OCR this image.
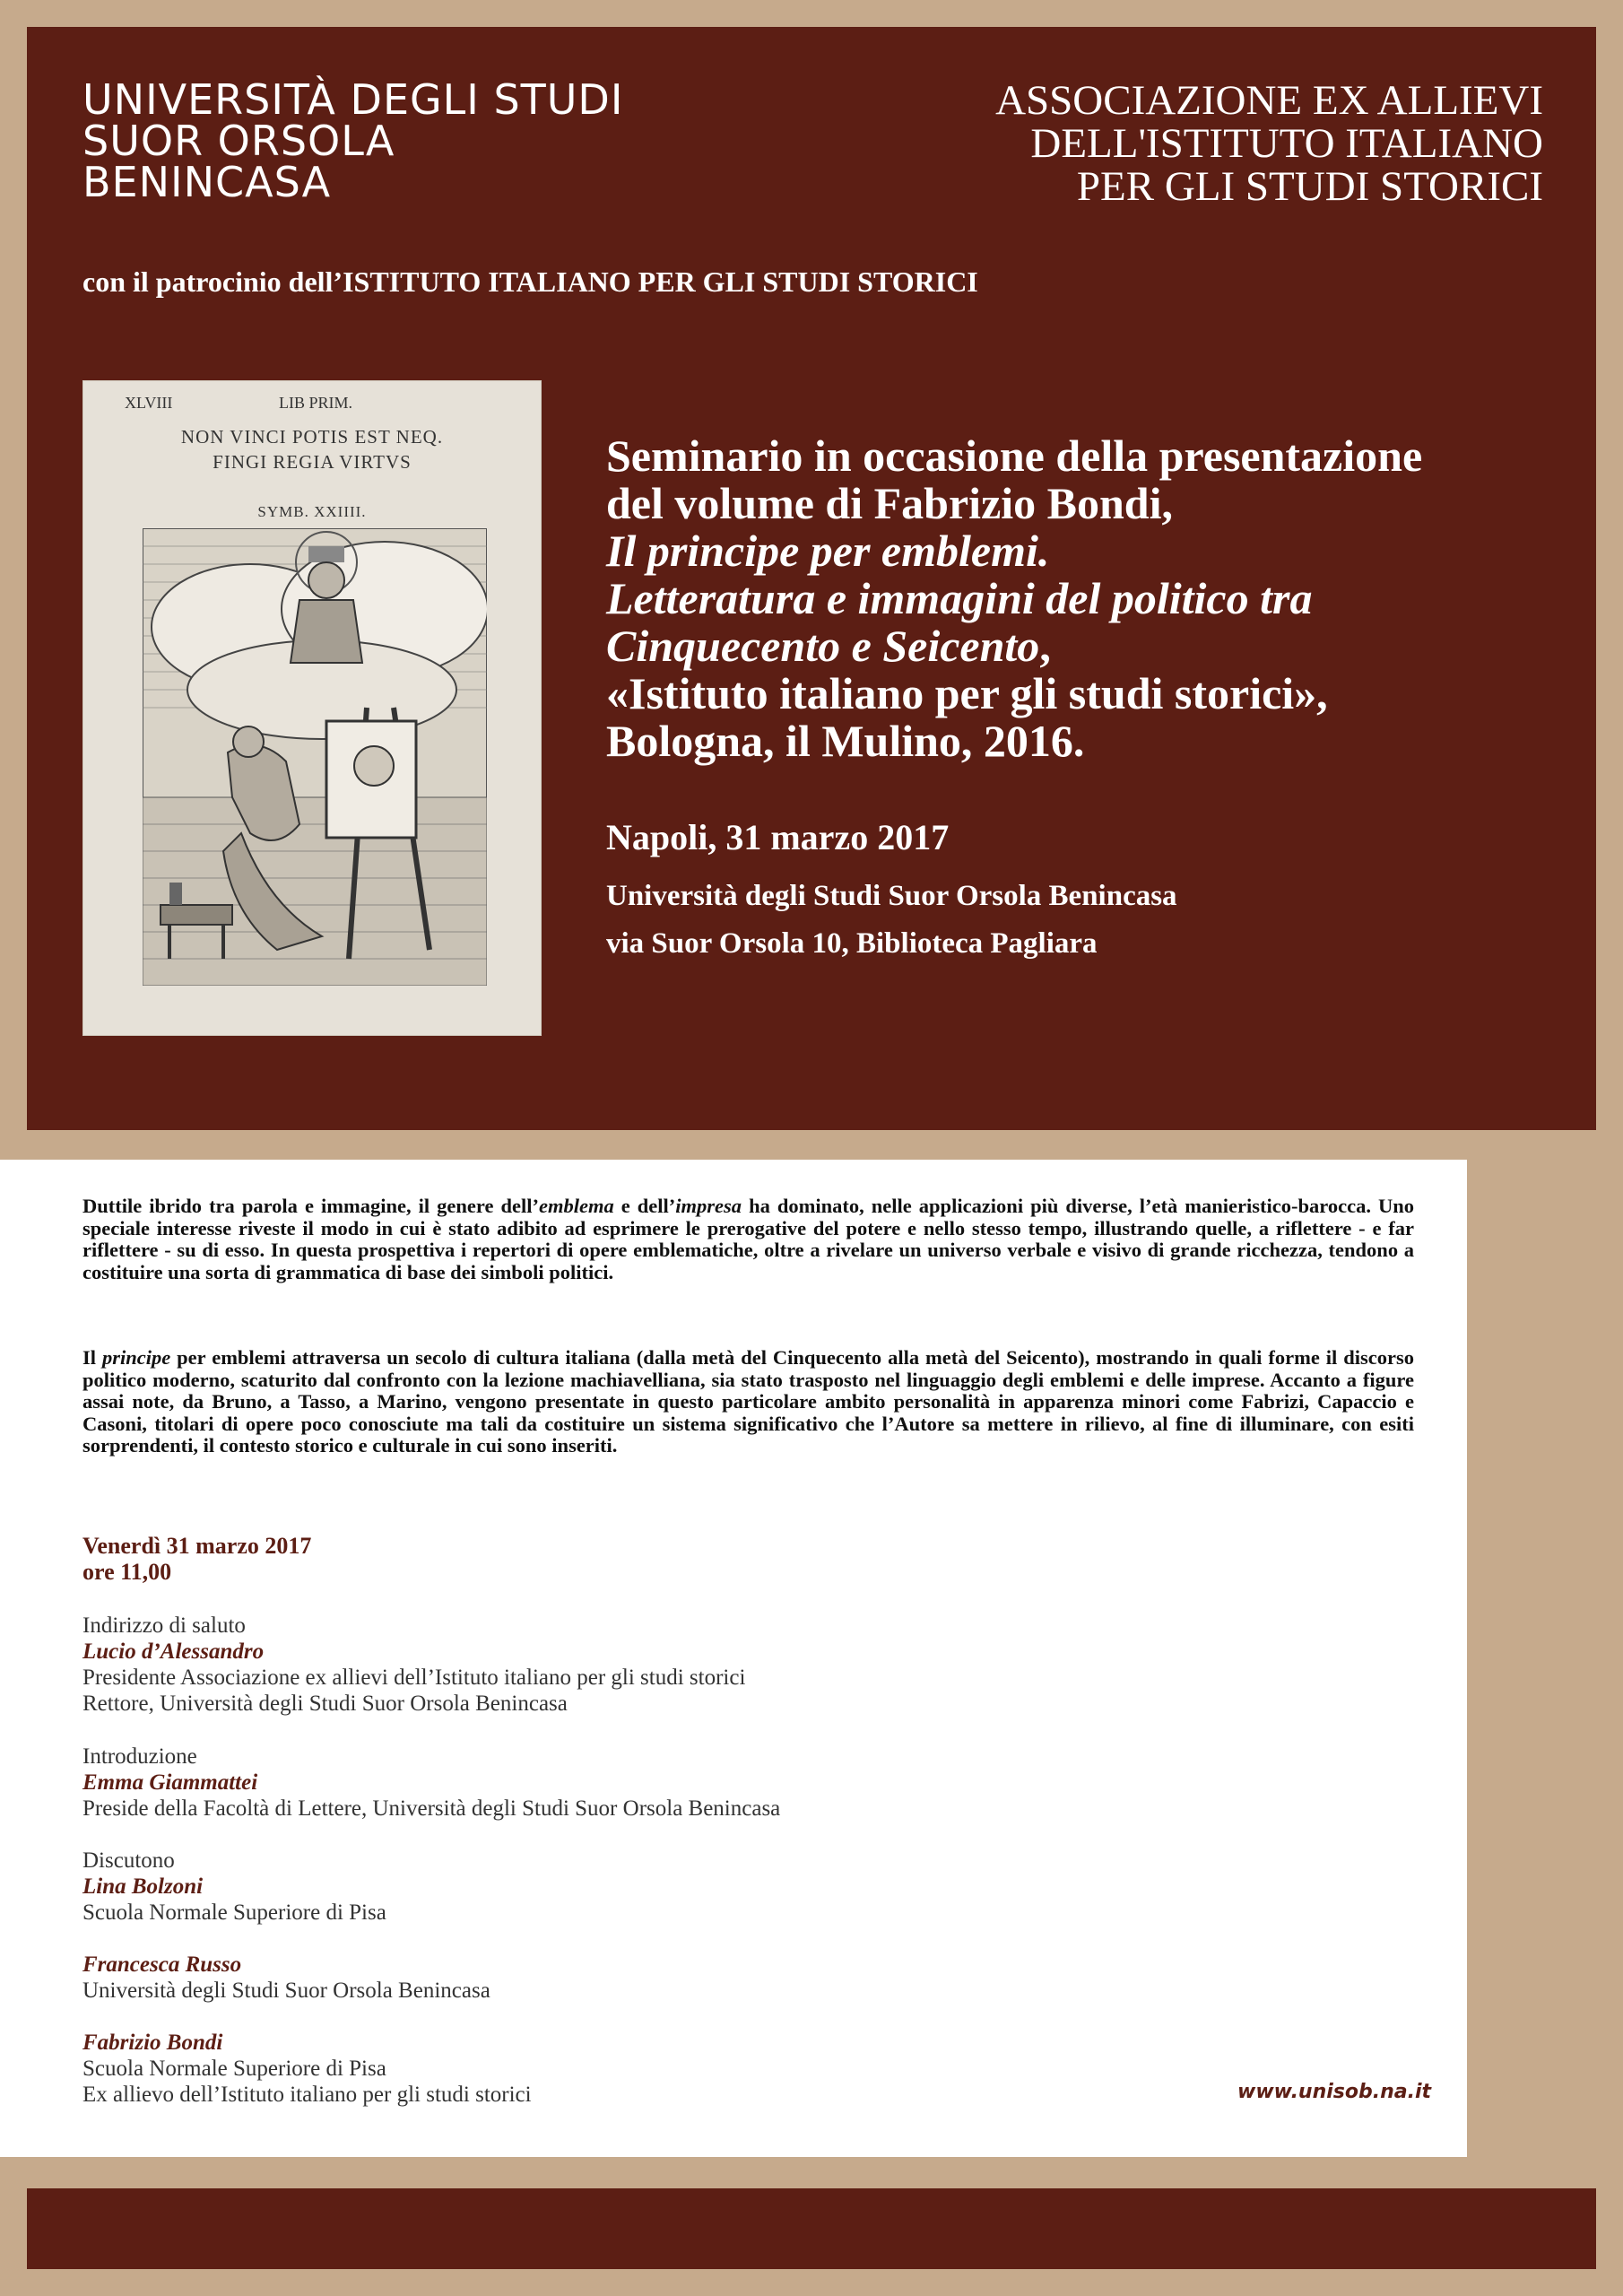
UNIVERSITÀ DEGLI STUDI
SUOR ORSOLA
BENINCASA
ASSOCIAZIONE EX ALLIEVI
DELL'ISTITUTO ITALIANO
PER GLI STUDI STORICI
con il patrocinio dell’ISTITUTO ITALIANO PER GLI STUDI STORICI
XLVIII	LIB PRIM.
NON VINCI POTIS EST NEQ.
FINGI REGIA VIRTVS
SYMB. XXIIII.
Seminario in occasione della presentazione
del volume di Fabrizio Bondi,
Il principe per emblemi.
Letteratura e immagini del politico tra
Cinquecento e Seicento,
«Istituto italiano per gli studi storici»,
Bologna, il Mulino, 2016.
Napoli, 31 marzo 2017
Università degli Studi Suor Orsola Benincasa
via Suor Orsola 10, Biblioteca Pagliara

Duttile ibrido tra parola e immagine, il genere dell’emblema e dell’impresa ha dominato, nelle applicazioni più diverse, l’età manieristico-barocca. Uno speciale interesse riveste il modo in cui è stato adibito ad esprimere le prerogative del potere e nello stesso tempo, illustrando quelle, a riflettere - e far riflettere - su di esso. In questa prospettiva i repertori di opere emblematiche, oltre a rivelare un universo verbale e visivo di grande ricchezza, tendono a costituire una sorta di grammatica di base dei simboli politici.

Il principe per emblemi attraversa un secolo di cultura italiana (dalla metà del Cinquecento alla metà del Seicento), mostrando in quali forme il discorso politico moderno, scaturito dal confronto con la lezione machiavelliana, sia stato trasposto nel linguaggio degli emblemi e delle imprese. Accanto a figure assai note, da Bruno, a Tasso, a Marino, vengono presentate in questo particolare ambito personalità in apparenza minori come Fabrizi, Capaccio e Casoni, titolari di opere poco conosciute ma tali da costituire un sistema significativo che l’Autore sa mettere in rilievo, al fine di illuminare, con esiti sorprendenti, il contesto storico e culturale in cui sono inseriti.

Venerdì 31 marzo 2017
ore 11,00
Indirizzo di saluto
Lucio d’Alessandro
Presidente Associazione ex allievi dell’Istituto italiano per gli studi storici
Rettore, Università degli Studi Suor Orsola Benincasa
Introduzione
Emma Giammattei
Preside della Facoltà di Lettere, Università degli Studi Suor Orsola Benincasa
Discutono
Lina Bolzoni
Scuola Normale Superiore di Pisa
Francesca Russo
Università degli Studi Suor Orsola Benincasa
Fabrizio Bondi
Scuola Normale Superiore di Pisa
Ex allievo dell’Istituto italiano per gli studi storici	www.unisob.na.it
